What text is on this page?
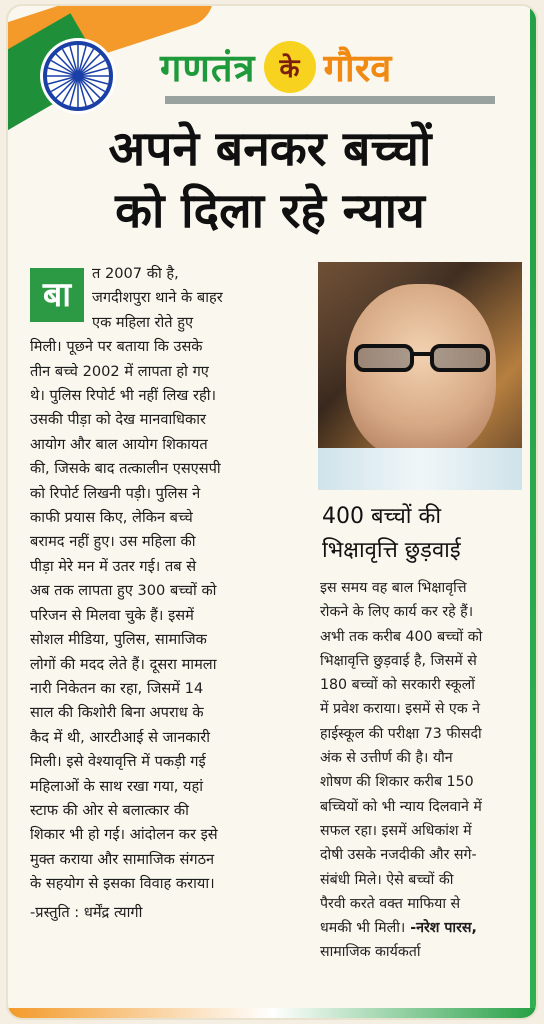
गणतंत्र के गौरव
अपने बनकर बच्चों
को दिला रहे न्याय
बा

त 2007 की है,

जगदीशपुरा थाने के बाहर

एक महिला रोते हुए

मिली। पूछने पर बताया कि उसके

तीन बच्चे 2002 में लापता हो गए

थे। पुलिस रिपोर्ट भी नहीं लिख रही।

उसकी पीड़ा को देख मानवाधिकार

आयोग और बाल आयोग शिकायत

की, जिसके बाद तत्कालीन एसएसपी

को रिपोर्ट लिखनी पड़ी। पुलिस ने

काफी प्रयास किए, लेकिन बच्चे

बरामद नहीं हुए। उस महिला की

पीड़ा मेरे मन में उतर गई। तब से

अब तक लापता हुए 300 बच्चों को

परिजन से मिलवा चुके हैं। इसमें

सोशल मीडिया, पुलिस, सामाजिक

लोगों की मदद लेते हैं। दूसरा मामला

नारी निकेतन का रहा, जिसमें 14

साल की किशोरी बिना अपराध के

कैद में थी, आरटीआई से जानकारी

मिली। इसे वेश्यावृत्ति में पकड़ी गई

महिलाओं के साथ रखा गया, यहां

स्टाफ की ओर से बलात्कार की

शिकार भी हो गई। आंदोलन कर इसे

मुक्त कराया और सामाजिक संगठन

के सहयोग से इसका विवाह कराया।

-प्रस्तुति : धर्मेंद्र त्यागी

400 बच्चों की
भिक्षावृत्ति छुड़वाई

इस समय वह बाल भिक्षावृत्ति

रोकने के लिए कार्य कर रहे हैं।

अभी तक करीब 400 बच्चों को

भिक्षावृत्ति छुड़वाई है, जिसमें से

180 बच्चों को सरकारी स्कूलों

में प्रवेश कराया। इसमें से एक ने

हाईस्कूल की परीक्षा 73 फीसदी

अंक से उत्तीर्ण की है। यौन

शोषण की शिकार करीब 150

बच्चियों को भी न्याय दिलवाने में

सफल रहा। इसमें अधिकांश में

दोषी उसके नजदीकी और सगे-

संबंधी मिले। ऐसे बच्चों की

पैरवी करते वक्त माफिया से

धमकी भी मिली। -नरेश पारस,

सामाजिक कार्यकर्ता
